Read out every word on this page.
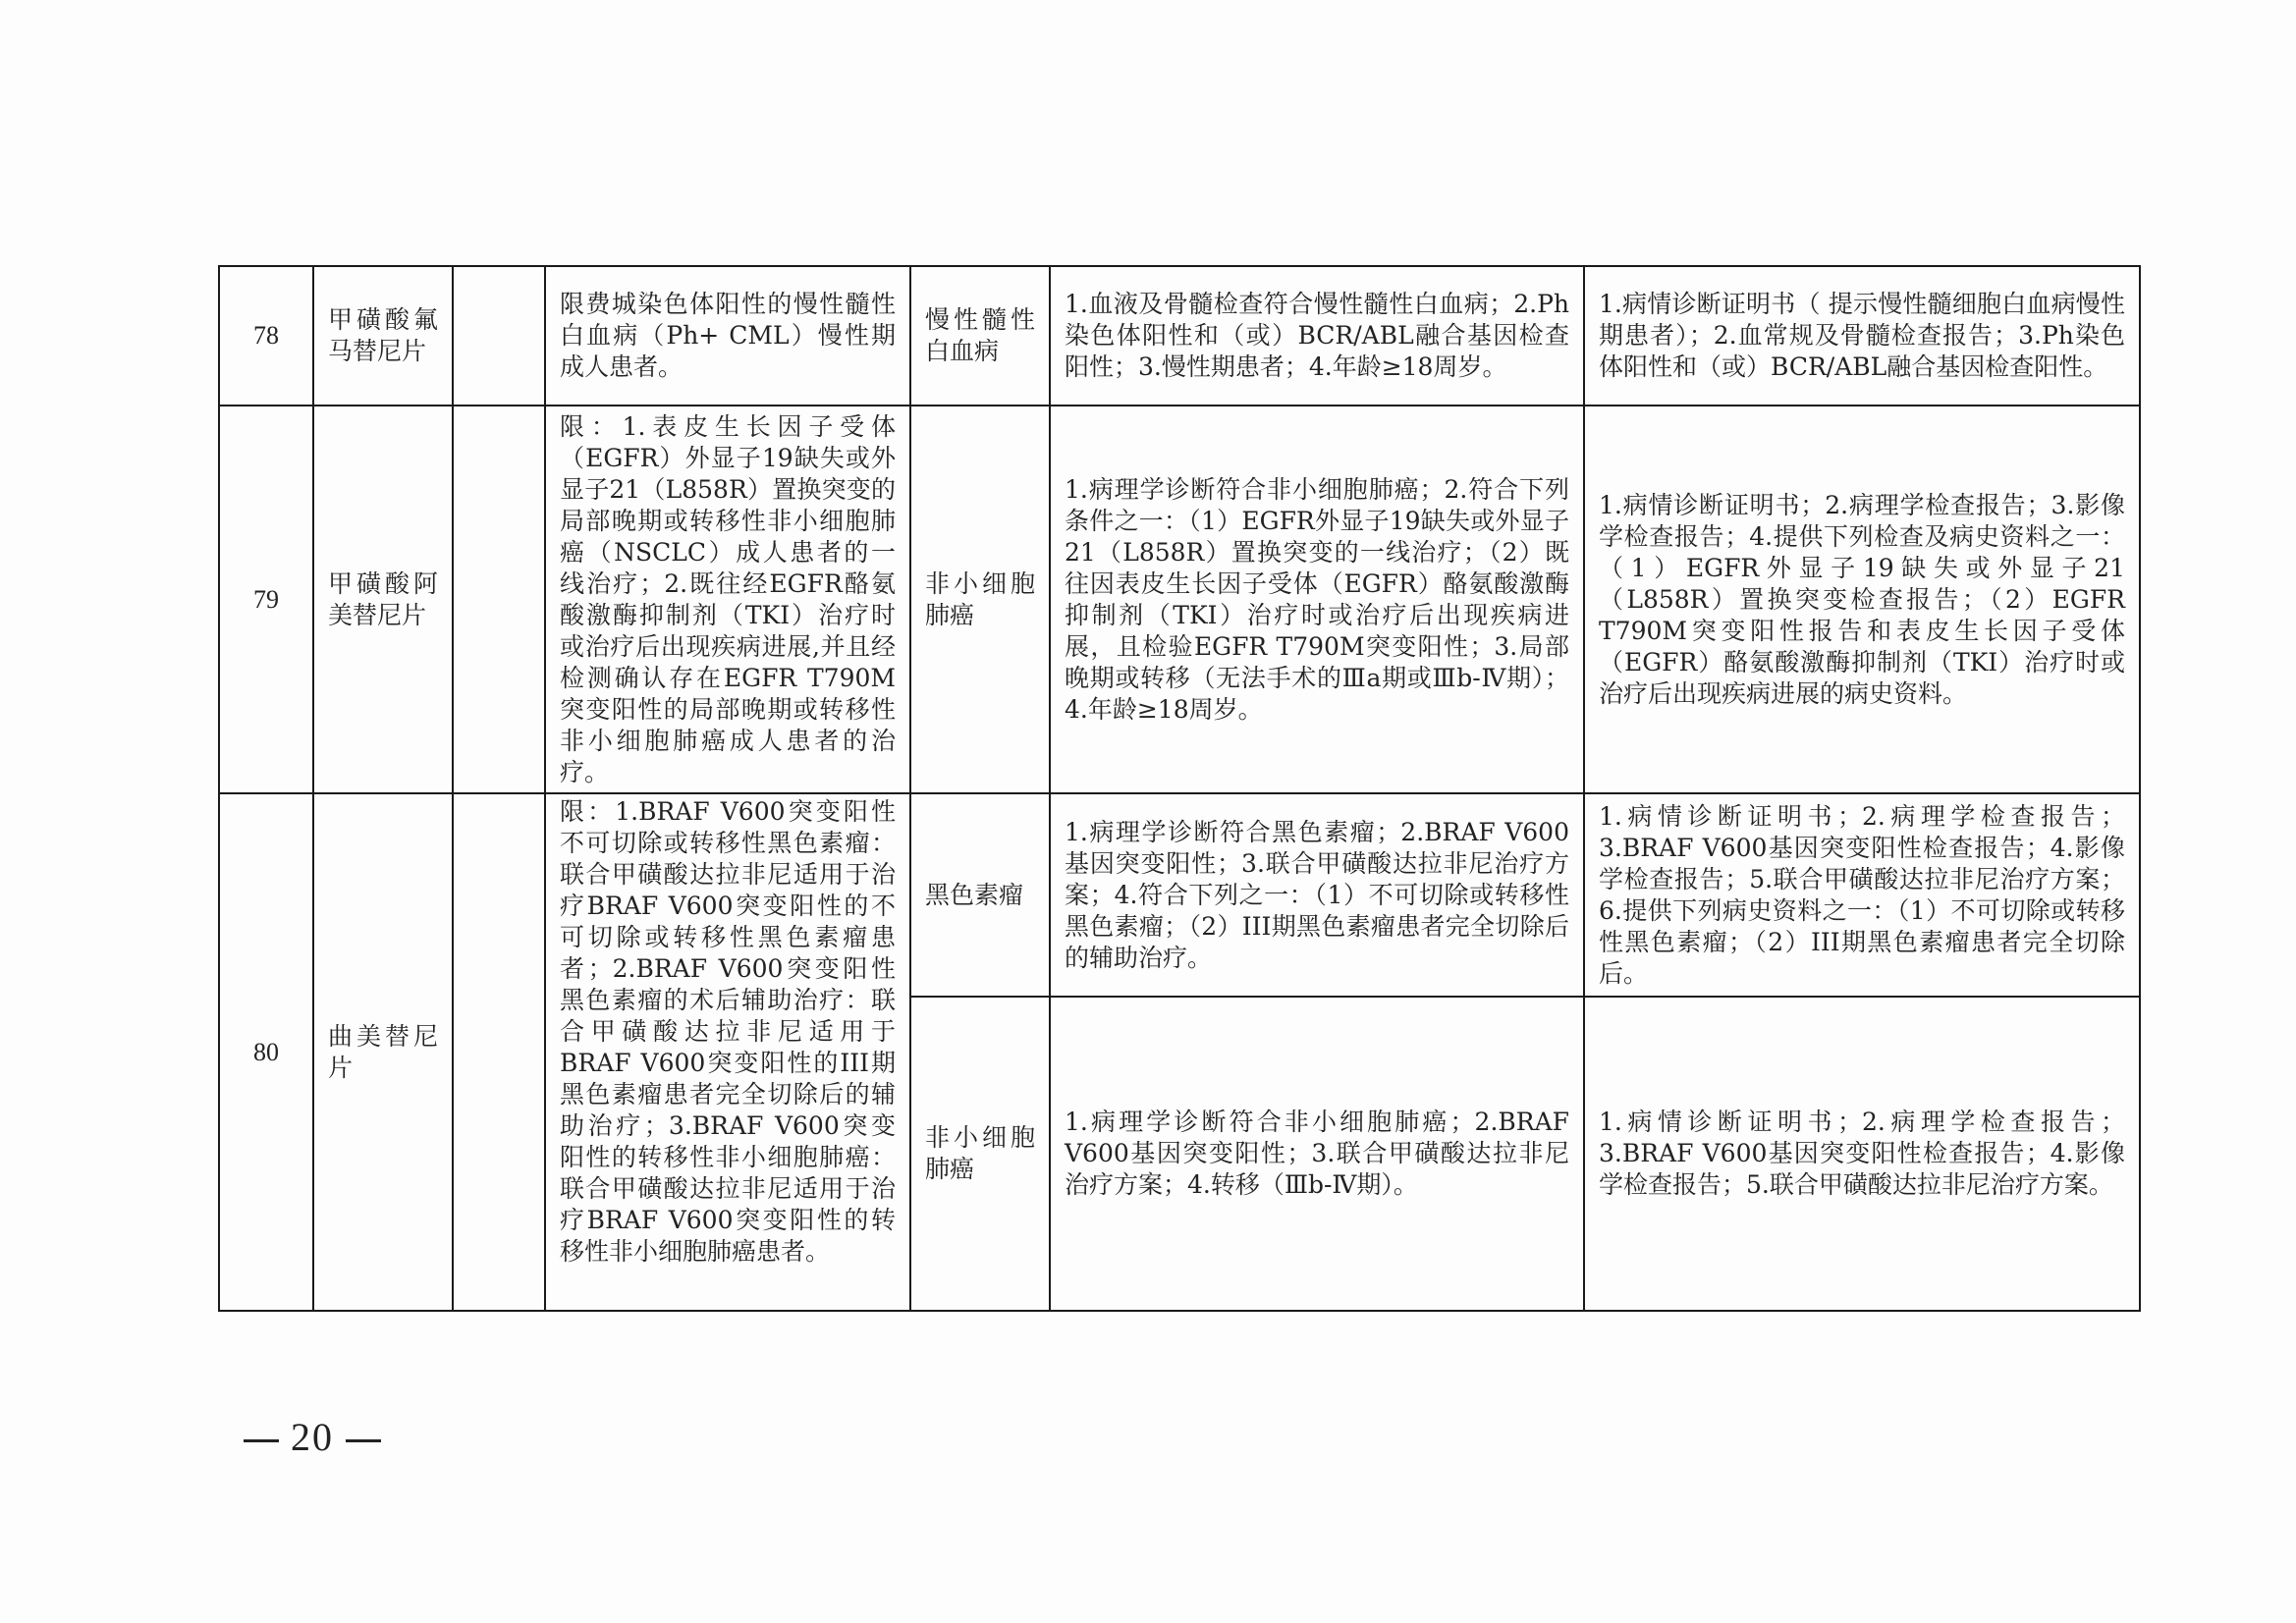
78	甲磺酸氟马替尼片		限费城染色体阳性的慢性髓性白血病（Ph+ CML）慢性期成人患者。	慢性髓性白血病	1.血液及骨髓检查符合慢性髓性白血病；2.Ph染色体阳性和（或）BCR/ABL融合基因检查阳性；3.慢性期患者；4.年龄≥18周岁。	1.病情诊断证明书（ 提示慢性髓细胞白血病慢性期患者）；2.血常规及骨髓检查报告；3.Ph染色体阳性和（或）BCR/ABL融合基因检查阳性。
79	甲磺酸阿美替尼片		限：1.表皮生长因子受体（EGFR）外显子19缺失或外显子21（L858R）置换突变的局部晚期或转移性非小细胞肺癌（NSCLC）成人患者的一线治疗；2.既往经EGFR酪氨酸激酶抑制剂（TKI）治疗时或治疗后出现疾病进展,并且经检测确认存在EGFR T790M突变阳性的局部晚期或转移性非小细胞肺癌成人患者的治疗。	非小细胞肺癌	1.病理学诊断符合非小细胞肺癌；2.符合下列条件之一：（1）EGFR外显子19缺失或外显子21（L858R）置换突变的一线治疗；（2）既往因表皮生长因子受体（EGFR）酪氨酸激酶抑制剂（TKI）治疗时或治疗后出现疾病进展，且检验EGFR T790M突变阳性；3.局部晚期或转移（无法手术的Ⅲa期或Ⅲb-Ⅳ期）；4.年龄≥18周岁。	1.病情诊断证明书；2.病理学检查报告；3.影像学检查报告；4.提供下列检查及病史资料之一：（1）EGFR外显子19缺失或外显子21（L858R）置换突变检查报告；（2）EGFR T790M突变阳性报告和表皮生长因子受体（EGFR）酪氨酸激酶抑制剂（TKI）治疗时或治疗后出现疾病进展的病史资料。
80	曲美替尼片		限：1.BRAF V600突变阳性不可切除或转移性黑色素瘤：联合甲磺酸达拉非尼适用于治疗BRAF V600突变阳性的不可切除或转移性黑色素瘤患者；2.BRAF V600突变阳性黑色素瘤的术后辅助治疗：联合甲磺酸达拉非尼适用于BRAF V600突变阳性的III期黑色素瘤患者完全切除后的辅助治疗；3.BRAF V600突变阳性的转移性非小细胞肺癌：联合甲磺酸达拉非尼适用于治疗BRAF V600突变阳性的转移性非小细胞肺癌患者。	黑色素瘤	1.病理学诊断符合黑色素瘤；2.BRAF V600基因突变阳性；3.联合甲磺酸达拉非尼治疗方案；4.符合下列之一：（1）不可切除或转移性黑色素瘤；（2）III期黑色素瘤患者完全切除后的辅助治疗。	1.病情诊断证明书；2.病理学检查报告；3.BRAF V600基因突变阳性检查报告；4.影像学检查报告；5.联合甲磺酸达拉非尼治疗方案；6.提供下列病史资料之一：（1）不可切除或转移性黑色素瘤；（2）III期黑色素瘤患者完全切除后。
				非小细胞肺癌	1.病理学诊断符合非小细胞肺癌；2.BRAF V600基因突变阳性；3.联合甲磺酸达拉非尼治疗方案；4.转移（Ⅲb-Ⅳ期）。	1.病情诊断证明书；2.病理学检查报告；3.BRAF V600基因突变阳性检查报告；4.影像学检查报告；5.联合甲磺酸达拉非尼治疗方案。
20
